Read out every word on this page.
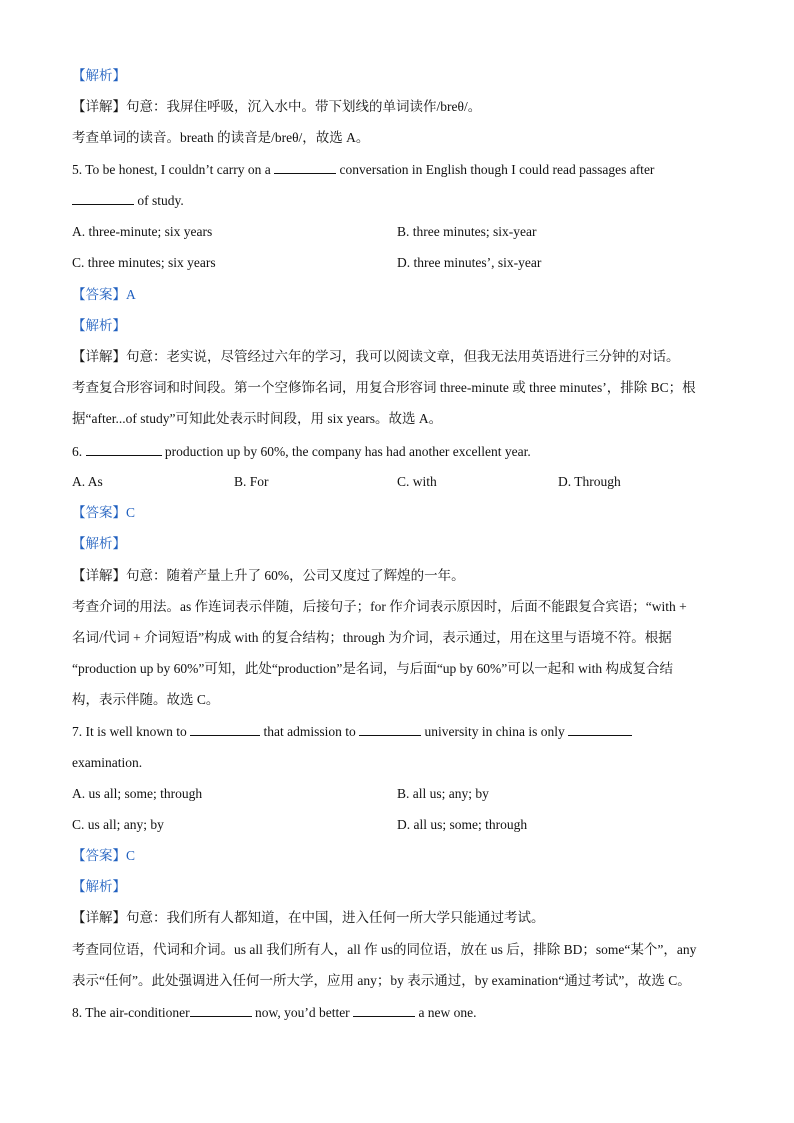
【解析】
【详解】句意：我屏住呼吸，沉入水中。带下划线的单词读作/breθ/。
考查单词的读音。breath 的读音是/breθ/，故选 A。
5. To be honest, I couldn’t carry on a	conversation in English though I could read passages after
of study.
A. three-minute; six years	B. three minutes; six-year
C. three minutes; six years	D. three minutes’, six-year
【答案】A
【解析】
【详解】句意：老实说，尽管经过六年的学习，我可以阅读文章，但我无法用英语进行三分钟的对话。
考查复合形容词和时间段。第一个空修饰名词，用复合形容词 three-minute 或 three minutes’，排除 BC；根
据“after...of study”可知此处表示时间段，用 six years。故选 A。
6.	production up by 60%, the company has had another excellent year.
A. As	B. For	C. with	D. Through
【答案】C
【解析】
【详解】句意：随着产量上升了 60%，公司又度过了辉煌的一年。
考查介词的用法。as 作连词表示伴随，后接句子；for 作介词表示原因时，后面不能跟复合宾语；“with +
名词/代词 + 介词短语”构成 with 的复合结构；through 为介词，表示通过，用在这里与语境不符。根据
“production up by 60%”可知，此处“production”是名词，与后面“up by 60%”可以一起和 with 构成复合结
构，表示伴随。故选 C。
7. It is well known to	that admission to	university in china is only
examination.
A. us all; some; through	B. all us; any; by
C. us all; any; by	D. all us; some; through
【答案】C
【解析】
【详解】句意：我们所有人都知道，在中国，进入任何一所大学只能通过考试。
考查同位语，代词和介词。us all 我们所有人，all 作 us的同位语，放在 us 后，排除 BD；some“某个”，any
表示“任何”。此处强调进入任何一所大学，应用 any；by 表示通过，by examination“通过考试”，故选 C。
8. The air-conditioner	now, you’d better	a new one.
